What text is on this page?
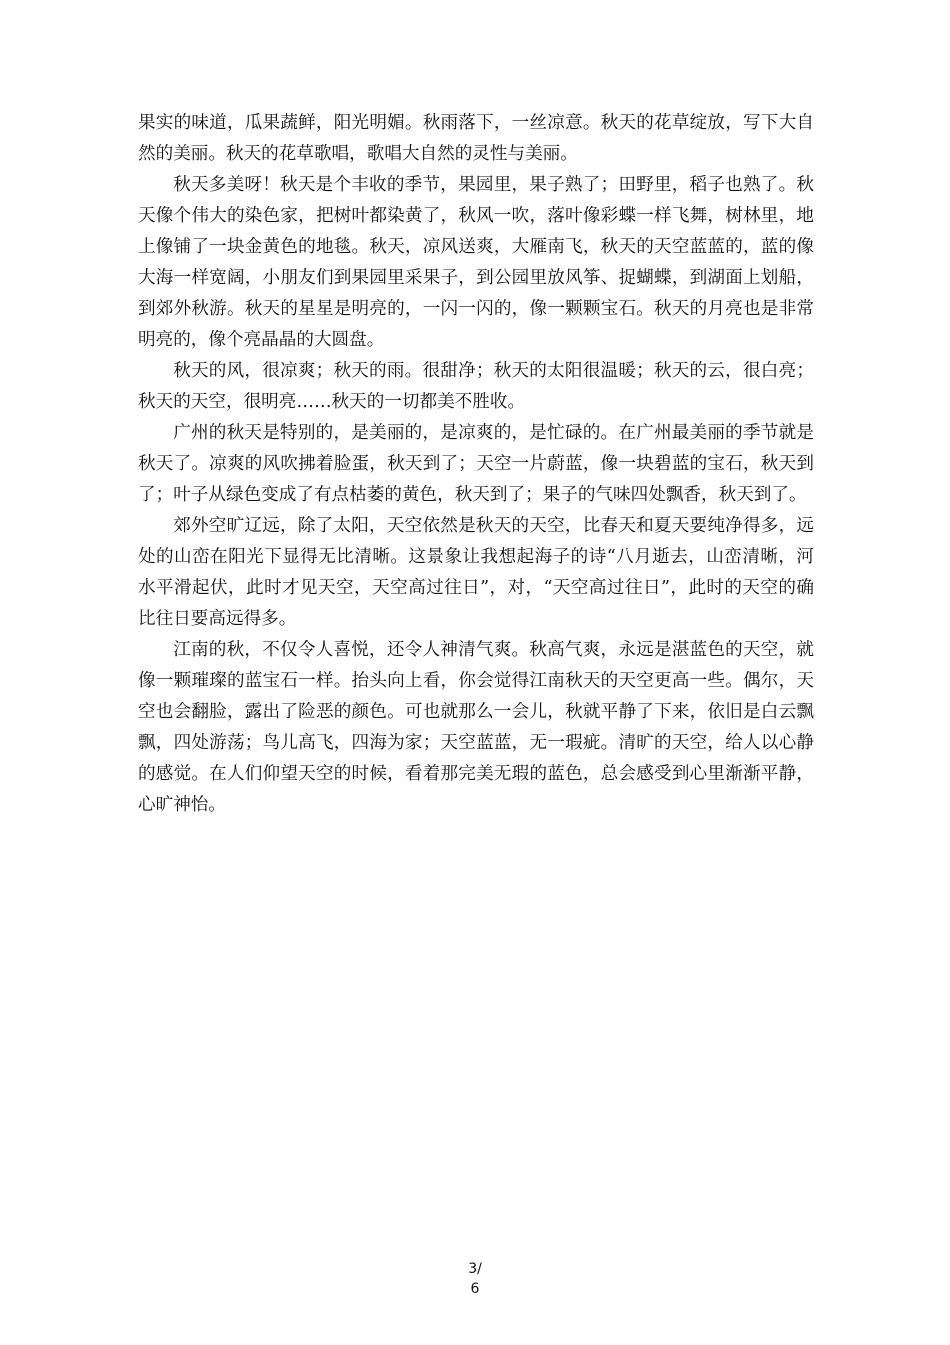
果实的味道，瓜果蔬鲜，阳光明媚。秋雨落下，一丝凉意。秋天的花草绽放，写下大自然的美丽。秋天的花草歌唱，歌唱大自然的灵性与美丽。

秋天多美呀！秋天是个丰收的季节，果园里，果子熟了；田野里，稻子也熟了。秋天像个伟大的染色家，把树叶都染黄了，秋风一吹，落叶像彩蝶一样飞舞，树林里，地上像铺了一块金黄色的地毯。秋天，凉风送爽，大雁南飞，秋天的天空蓝蓝的，蓝的像大海一样宽阔，小朋友们到果园里采果子，到公园里放风筝、捉蝴蝶，到湖面上划船，到郊外秋游。秋天的星星是明亮的，一闪一闪的，像一颗颗宝石。秋天的月亮也是非常明亮的，像个亮晶晶的大圆盘。

秋天的风，很凉爽；秋天的雨。很甜净；秋天的太阳很温暖；秋天的云，很白亮；秋天的天空，很明亮……秋天的一切都美不胜收。

广州的秋天是特别的，是美丽的，是凉爽的，是忙碌的。在广州最美丽的季节就是秋天了。凉爽的风吹拂着脸蛋，秋天到了；天空一片蔚蓝，像一块碧蓝的宝石，秋天到了；叶子从绿色变成了有点枯萎的黄色，秋天到了；果子的气味四处飘香，秋天到了。

郊外空旷辽远，除了太阳，天空依然是秋天的天空，比春天和夏天要纯净得多，远处的山峦在阳光下显得无比清晰。这景象让我想起海子的诗“八月逝去，山峦清晰，河水平滑起伏，此时才见天空，天空高过往日”，对，“天空高过往日”，此时的天空的确比往日要高远得多。

江南的秋，不仅令人喜悦，还令人神清气爽。秋高气爽，永远是湛蓝色的天空，就像一颗璀璨的蓝宝石一样。抬头向上看，你会觉得江南秋天的天空更高一些。偶尔，天空也会翻脸，露出了险恶的颜色。可也就那么一会儿，秋就平静了下来，依旧是白云飘飘，四处游荡；鸟儿高飞，四海为家；天空蓝蓝，无一瑕疵。清旷的天空，给人以心静的感觉。在人们仰望天空的时候，看着那完美无瑕的蓝色，总会感受到心里渐渐平静，心旷神怡。

3/
6
